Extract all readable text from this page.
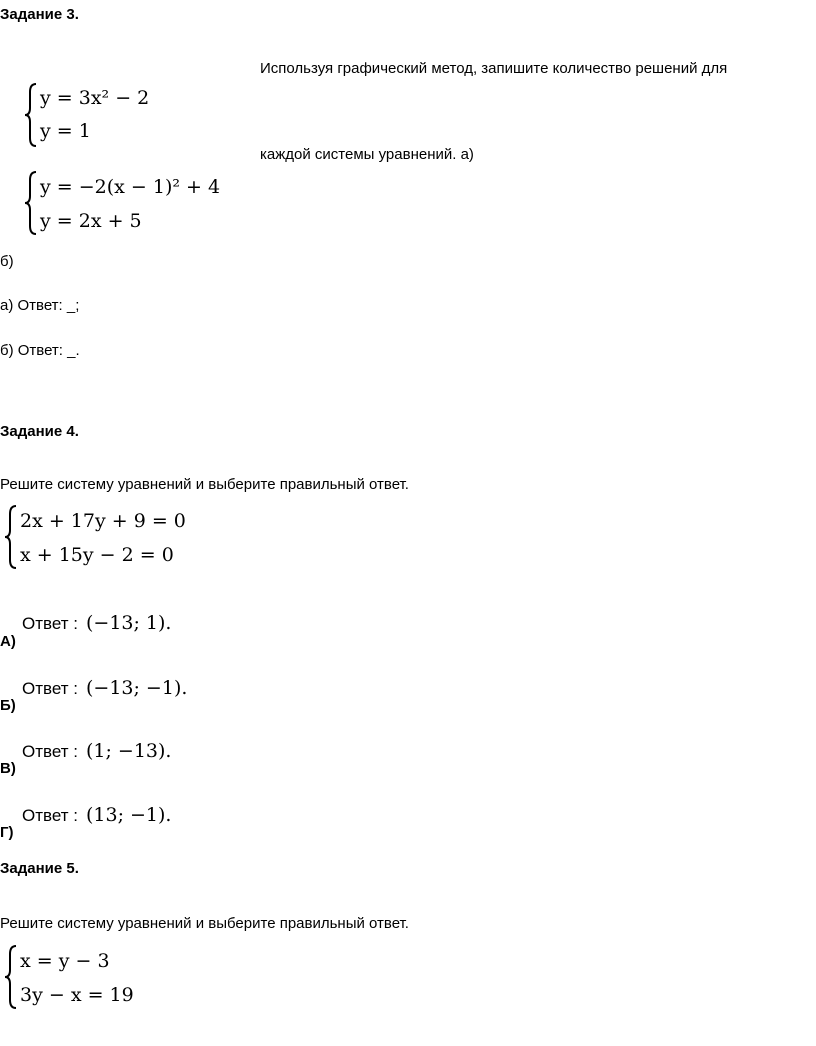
Задание 3.
Используя графический метод, запишите количество решений для
каждой системы уравнений. а)
y = 3x² − 2
y = 1
y = −2(x − 1)² + 4
y = 2x + 5
б)
а) Ответ: _;
б) Ответ: _.
Задание 4.
Решите систему уравнений и выберите правильный ответ.
2x + 17y + 9 = 0
x + 15y − 2 = 0
Ответ : (−13; 1).
А)
Ответ : (−13; −1).
Б)
Ответ : (1; −13).
В)
Ответ : (13; −1).
Г)
Задание 5.
Решите систему уравнений и выберите правильный ответ.
x = y − 3
3y − x = 19
